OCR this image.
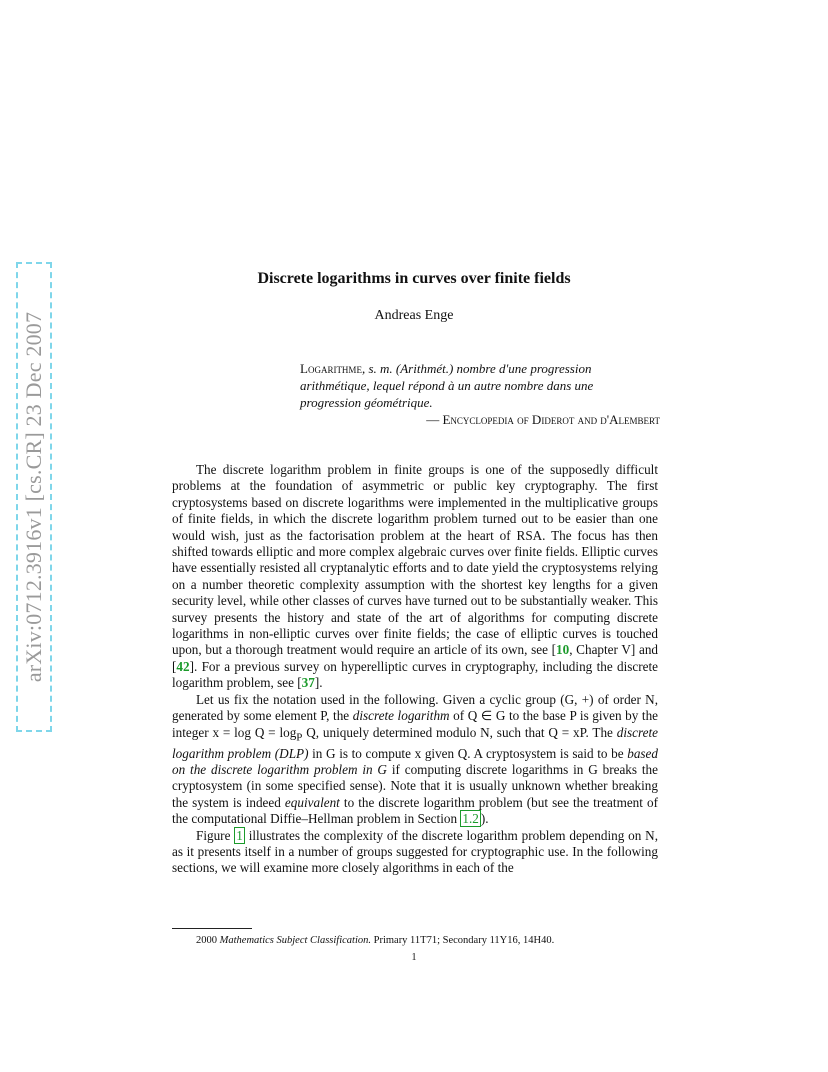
arXiv:0712.3916v1 [cs.CR] 23 Dec 2007
Discrete logarithms in curves over finite fields
Andreas Enge
Logarithme, s. m. (Arithmét.) nombre d'une progression
arithmétique, lequel répond à un autre nombre dans une
progression géométrique.
— Encyclopedia of Diderot and d'Alembert

The discrete logarithm problem in finite groups is one of the supposedly difficult problems at the foundation of asymmetric or public key cryptography. The first cryptosystems based on discrete logarithms were implemented in the multiplicative groups of finite fields, in which the discrete logarithm problem turned out to be easier than one would wish, just as the factorisation problem at the heart of RSA. The focus has then shifted towards elliptic and more complex algebraic curves over finite fields. Elliptic curves have essentially resisted all cryptanalytic efforts and to date yield the cryptosystems relying on a number theoretic complexity assumption with the shortest key lengths for a given security level, while other classes of curves have turned out to be substantially weaker. This survey presents the history and state of the art of algorithms for computing discrete logarithms in non-elliptic curves over finite fields; the case of elliptic curves is touched upon, but a thorough treatment would require an article of its own, see [10, Chapter V] and [42]. For a previous survey on hyperelliptic curves in cryptography, including the discrete logarithm problem, see [37].

Let us fix the notation used in the following. Given a cyclic group (G, +) of order N, generated by some element P, the discrete logarithm of Q ∈ G to the base P is given by the integer $x = \log Q = \log_P Q$, uniquely determined modulo N, such that Q = xP. The discrete logarithm problem (DLP) in G is to compute x given Q. A cryptosystem is said to be based on the discrete logarithm problem in G if computing discrete logarithms in G breaks the cryptosystem (in some specified sense). Note that it is usually unknown whether breaking the system is indeed equivalent to the discrete logarithm problem (but see the treatment of the computational Diffie–Hellman problem in Section 1.2 ).

Figure 1 illustrates the complexity of the discrete logarithm problem depending on N, as it presents itself in a number of groups suggested for cryptographic use. In the following sections, we will examine more closely algorithms in each of the

2000 Mathematics Subject Classification. Primary 11T71; Secondary 11Y16, 14H40.
1
